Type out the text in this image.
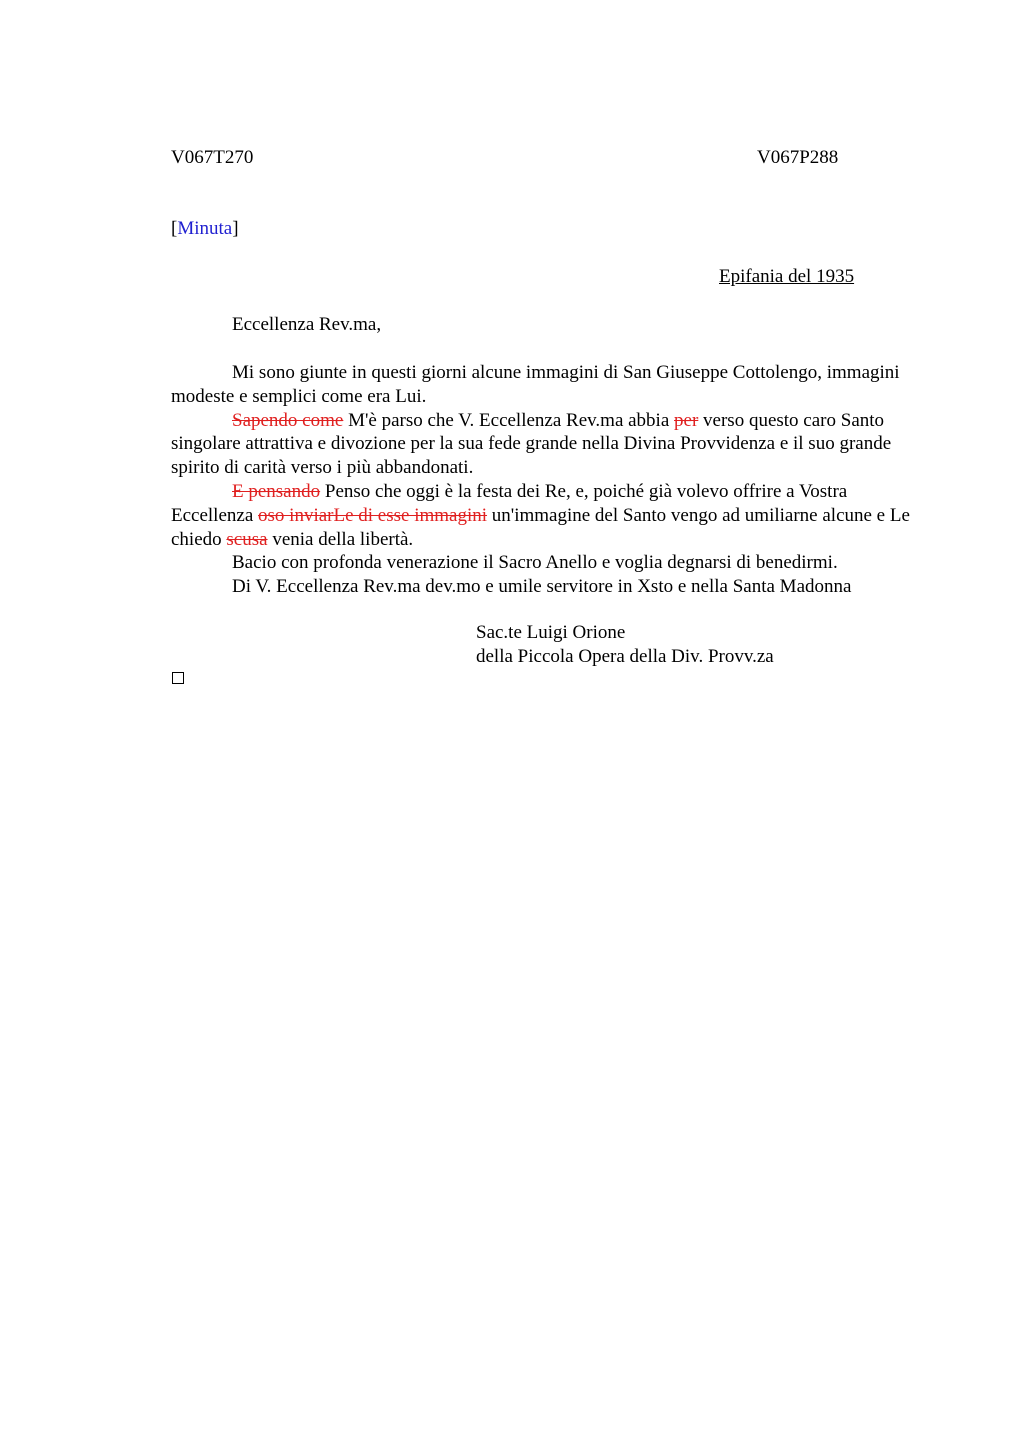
V067T270	V067P288
[Minuta]
Epifania del 1935
Eccellenza Rev.ma,

Mi sono giunte in questi giorni alcune immagini di San Giuseppe Cottolengo, immagini modeste e semplici come era Lui.

Sapendo come M'è parso che V. Eccellenza Rev.ma abbia per verso questo caro Santo singolare attrattiva e divozione per la sua fede grande nella Divina Provvidenza e il suo grande spirito di carità verso i più abbandonati.

E pensando Penso che oggi è la festa dei Re, e, poiché già volevo offrire a Vostra Eccellenza oso inviarLe di esse immagini un'immagine del Santo vengo ad umiliarne alcune e Le chiedo scusa venia della libertà.

Bacio con profonda venerazione il Sacro Anello e voglia degnarsi di benedirmi.

Di V. Eccellenza Rev.ma dev.mo e umile servitore in Xsto e nella Santa Madonna

Sac.te Luigi Orione
della Piccola Opera della Div. Provv.za
